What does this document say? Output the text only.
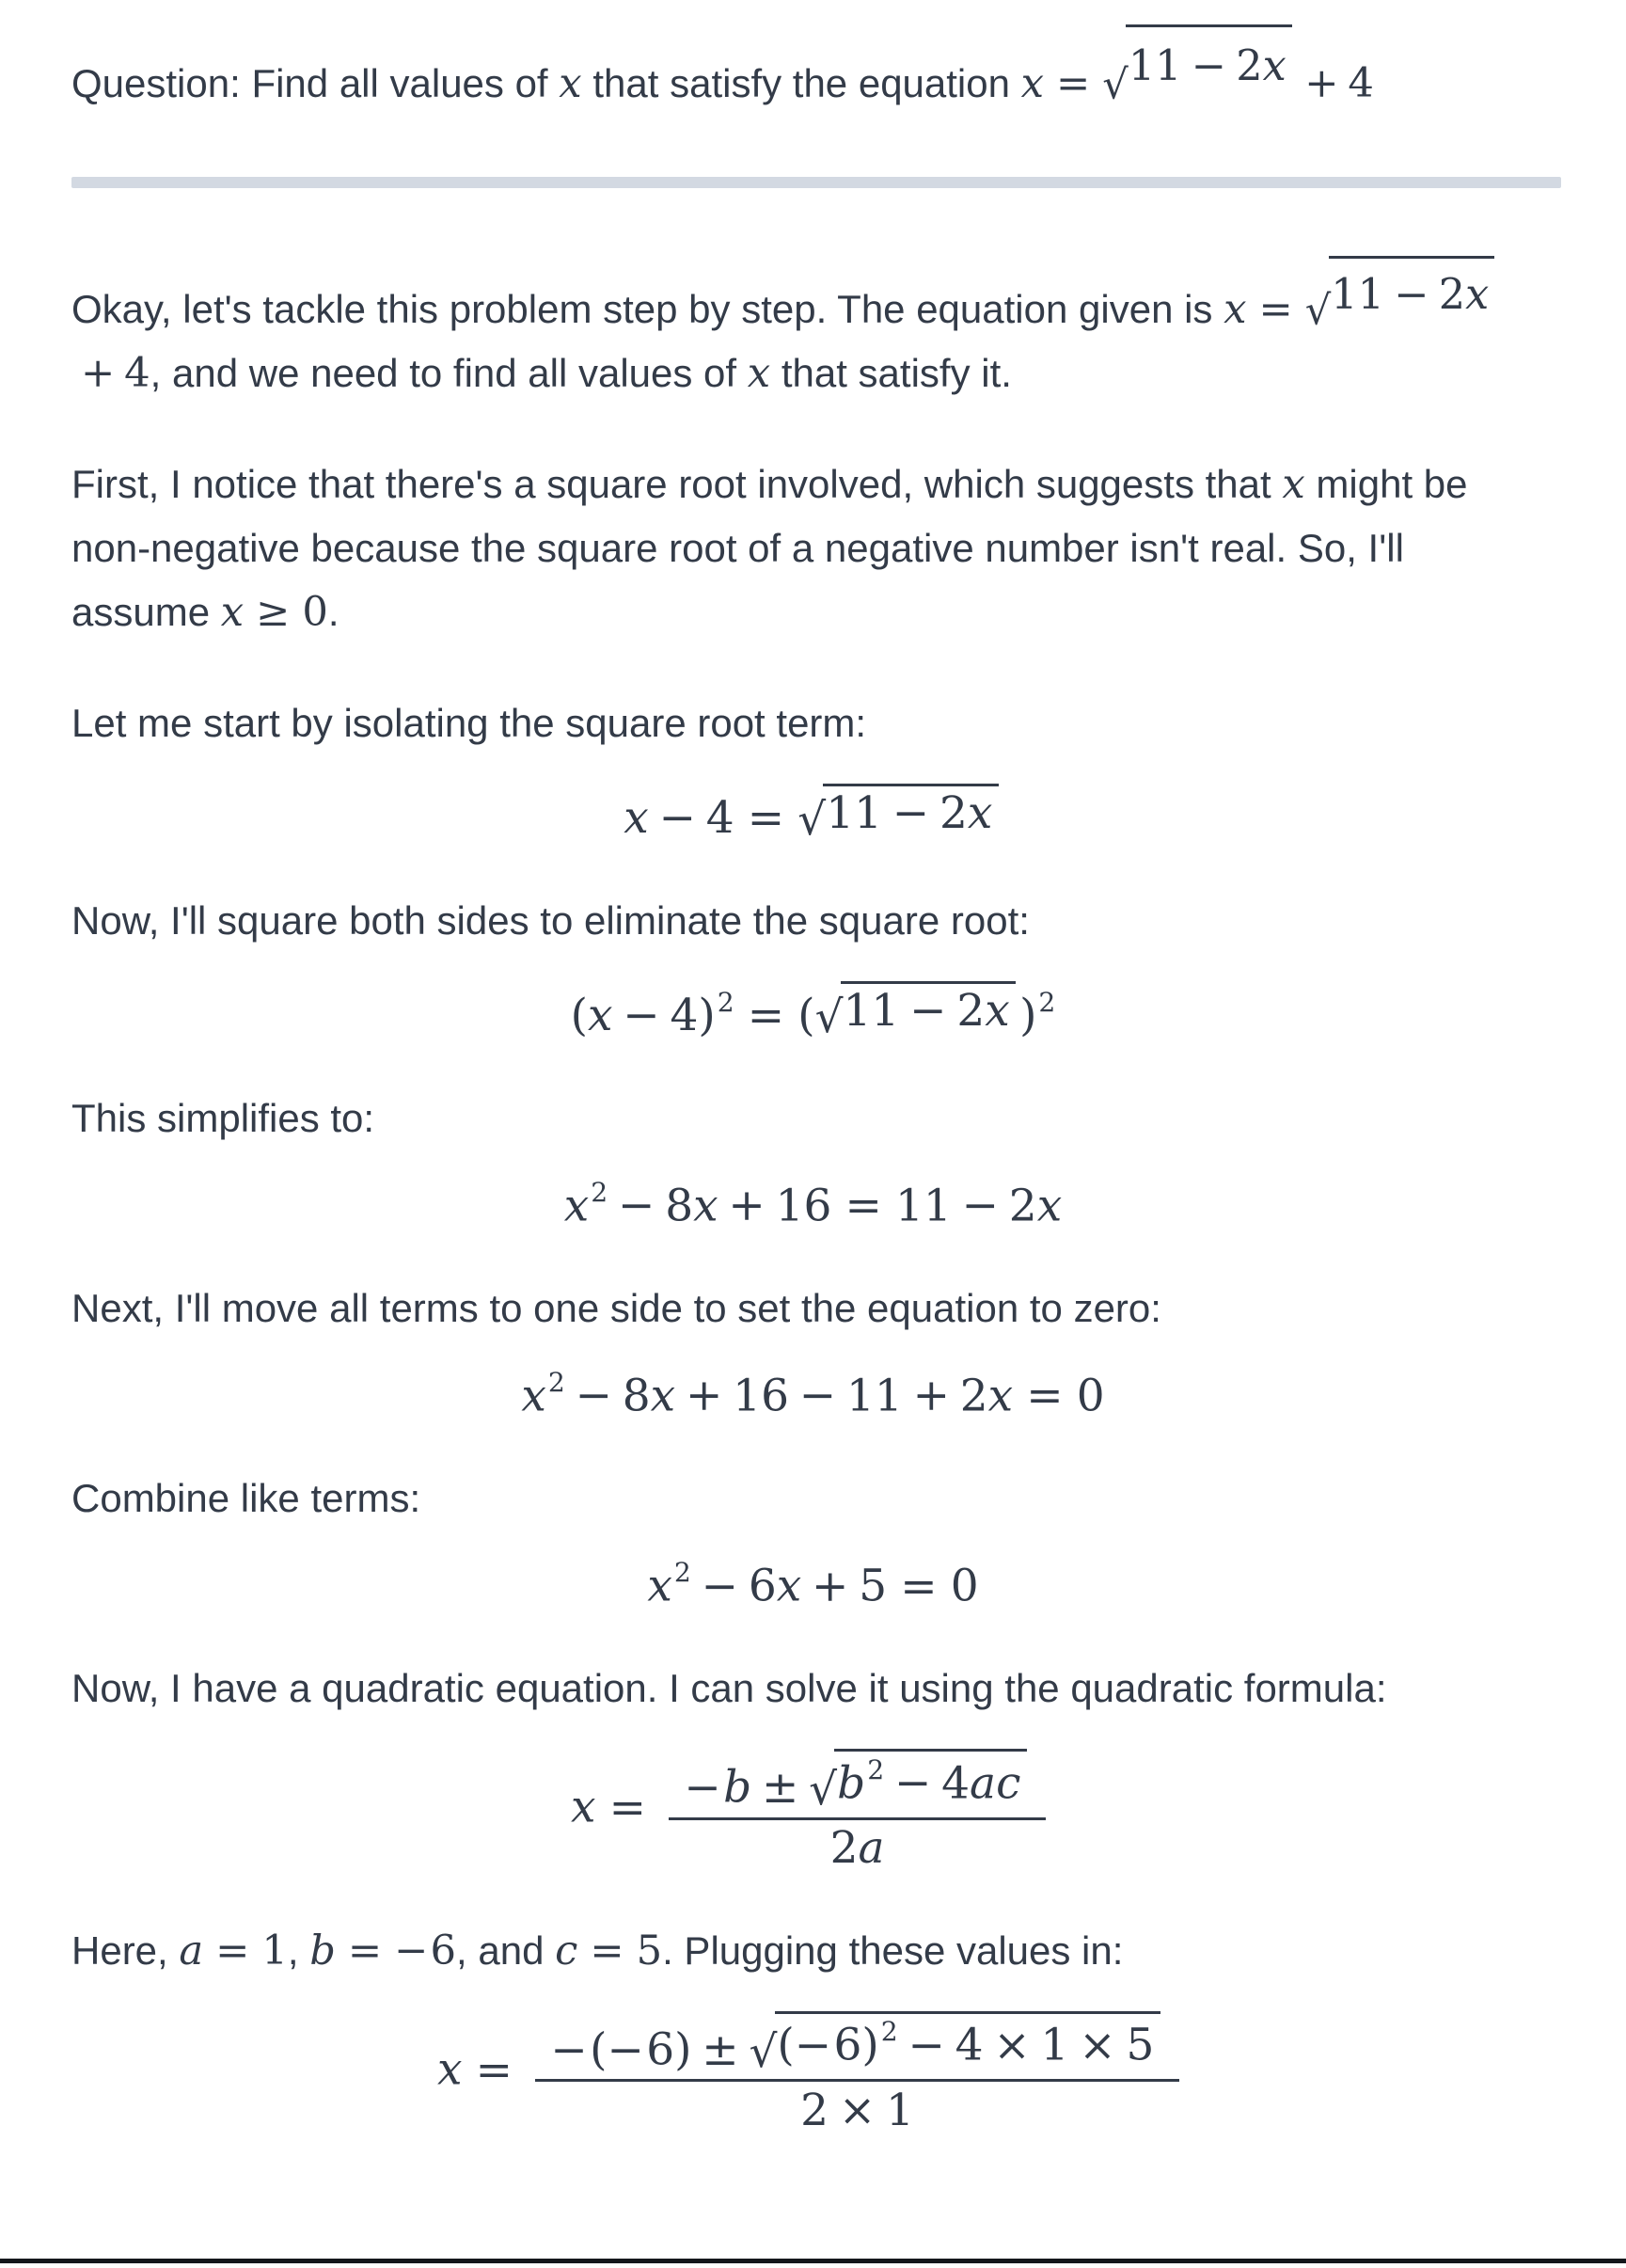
Question: Find all values of x that satisfy the equation x = √ 11 − 2x + 4
Okay, let's tackle this problem step by step. The equation given is x = √ 11 − 2x
+ 4, and we need to find all values of x that satisfy it.
First, I notice that there's a square root involved, which suggests that x might be non-negative because the square root of a negative number isn't real. So, I'll assume x ≥ 0.
Let me start by isolating the square root term:
x − 4 = √ 11 − 2x
Now, I'll square both sides to eliminate the square root:
$(x - 4)^2$ = ( √ 11 − 2x )$^2$
This simplifies to:
$x^2 - 8x + 16 = 11 - 2x$
Next, I'll move all terms to one side to set the equation to zero:
$x^2 - 8x + 16 - 11 + 2x = 0$
Combine like terms:
$x^2 - 6x + 5 = 0$
Now, I have a quadratic equation. I can solve it using the quadratic formula:
$x = \frac{-b \pm √ b^2 - 4ac}{2a}$
Here, a = 1, b = −6, and c = 5. Plugging these values in:
$x = \frac{-(-6) \pm √ (-6)^2 - 4 \times 1 \times 5}{2 \times 1}$
